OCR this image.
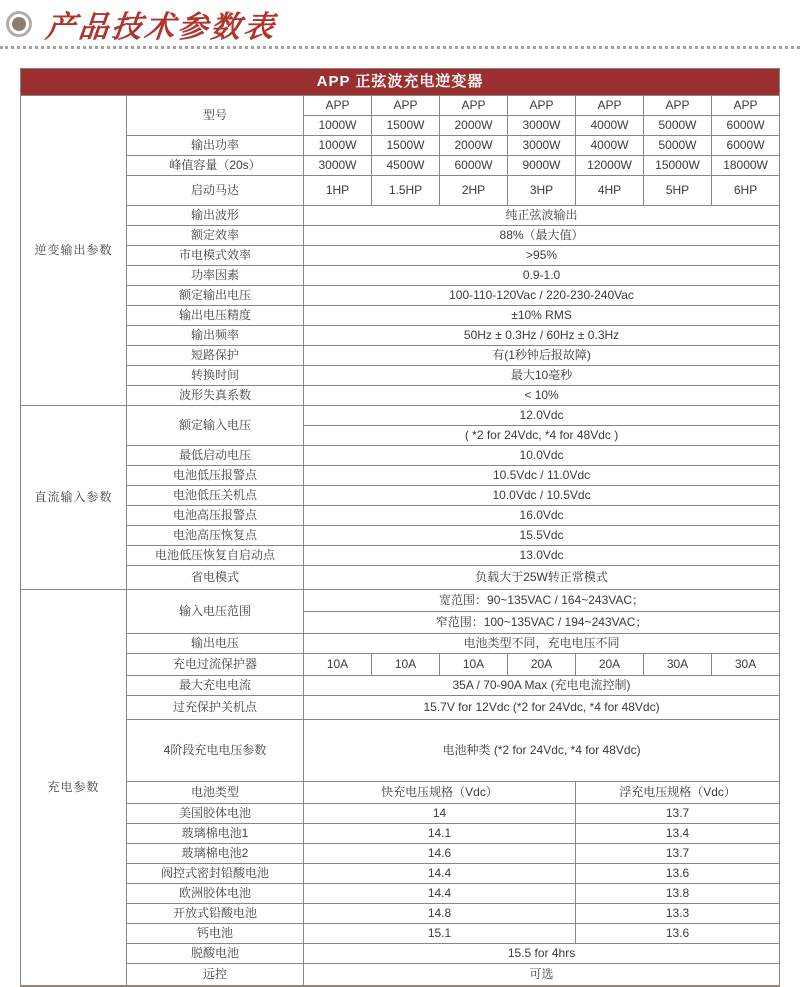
产品技术参数表
APP 正弦波充电逆变器								
逆变输出参数	型号	APP	APP	APP	APP	APP	APP	APP
		1000W	1500W	2000W	3000W	4000W	5000W	6000W
	输出功率	1000W	1500W	2000W	3000W	4000W	5000W	6000W
	峰值容量（20s）	3000W	4500W	6000W	9000W	12000W	15000W	18000W
	启动马达	1HP	1.5HP	2HP	3HP	4HP	5HP	6HP
	输出波形	纯正弦波输出						
	额定效率	88%（最大值）						
	市电模式效率	>95%						
	功率因素	0.9-1.0						
	额定输出电压	100-110-120Vac / 220-230-240Vac						
	输出电压精度	±10% RMS						
	输出频率	50Hz ± 0.3Hz / 60Hz ± 0.3Hz						
	短路保护	有(1秒钟后报故障)						
	转换时间	最大10毫秒						
	波形失真系数	< 10%						
直流输入参数	额定输入电压	12.0Vdc						
		( *2 for 24Vdc, *4 for 48Vdc )						
	最低启动电压	10.0Vdc						
	电池低压报警点	10.5Vdc / 11.0Vdc						
	电池低压关机点	10.0Vdc / 10.5Vdc						
	电池高压报警点	16.0Vdc						
	电池高压恢复点	15.5Vdc						
	电池低压恢复自启动点	13.0Vdc						
	省电模式	负载大于25W转正常模式						
充电参数	输入电压范围	宽范围：90~135VAC / 164~243VAC；						
		窄范围：100~135VAC / 194~243VAC；						
	输出电压	电池类型不同，充电电压不同						
	充电过流保护器	10A	10A	10A	20A	20A	30A	30A
	最大充电电流	35A / 70-90A Max (充电电流控制)						
	过充保护关机点	15.7V for 12Vdc (*2 for 24Vdc, *4 for 48Vdc)						
	4阶段充电电压参数	电池种类 (*2 for 24Vdc, *4 for 48Vdc)						
	电池类型	快充电压规格（Vdc）				浮充电压规格（Vdc）		
	美国胶体电池	14				13.7		
	玻璃棉电池1	14.1				13.4		
	玻璃棉电池2	14.6				13.7		
	阀控式密封铅酸电池	14.4				13.6		
	欧洲胶体电池	14.4				13.8		
	开放式铅酸电池	14.8				13.3		
	钙电池	15.1				13.6		
	脱酸电池	15.5 for 4hrs						
	远控	可选						
